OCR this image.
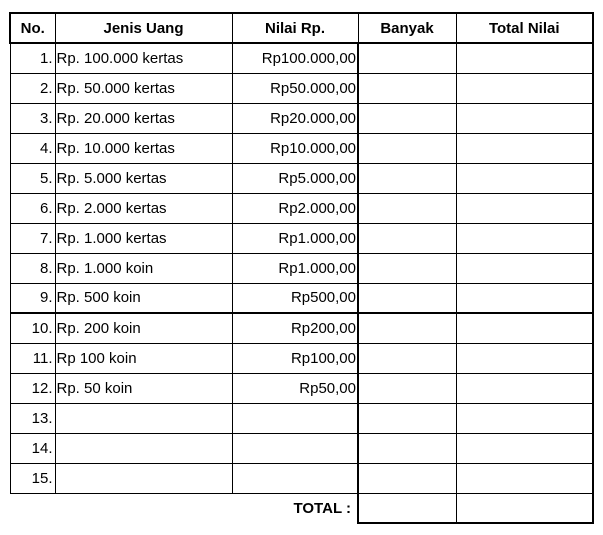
No.	Jenis Uang	Nilai Rp.	Banyak	Total Nilai
1.	Rp. 100.000 kertas	Rp100.000,00		
2.	Rp. 50.000 kertas	Rp50.000,00		
3.	Rp. 20.000 kertas	Rp20.000,00		
4.	Rp. 10.000 kertas	Rp10.000,00		
5.	Rp. 5.000 kertas	Rp5.000,00		
6.	Rp. 2.000 kertas	Rp2.000,00		
7.	Rp. 1.000 kertas	Rp1.000,00		
8.	Rp. 1.000 koin	Rp1.000,00		
9.	Rp. 500 koin	Rp500,00		
10.	Rp. 200 koin	Rp200,00		
11.	Rp 100 koin	Rp100,00		
12.	Rp. 50 koin	Rp50,00		
13.				
14.				
15.				
		TOTAL :		
